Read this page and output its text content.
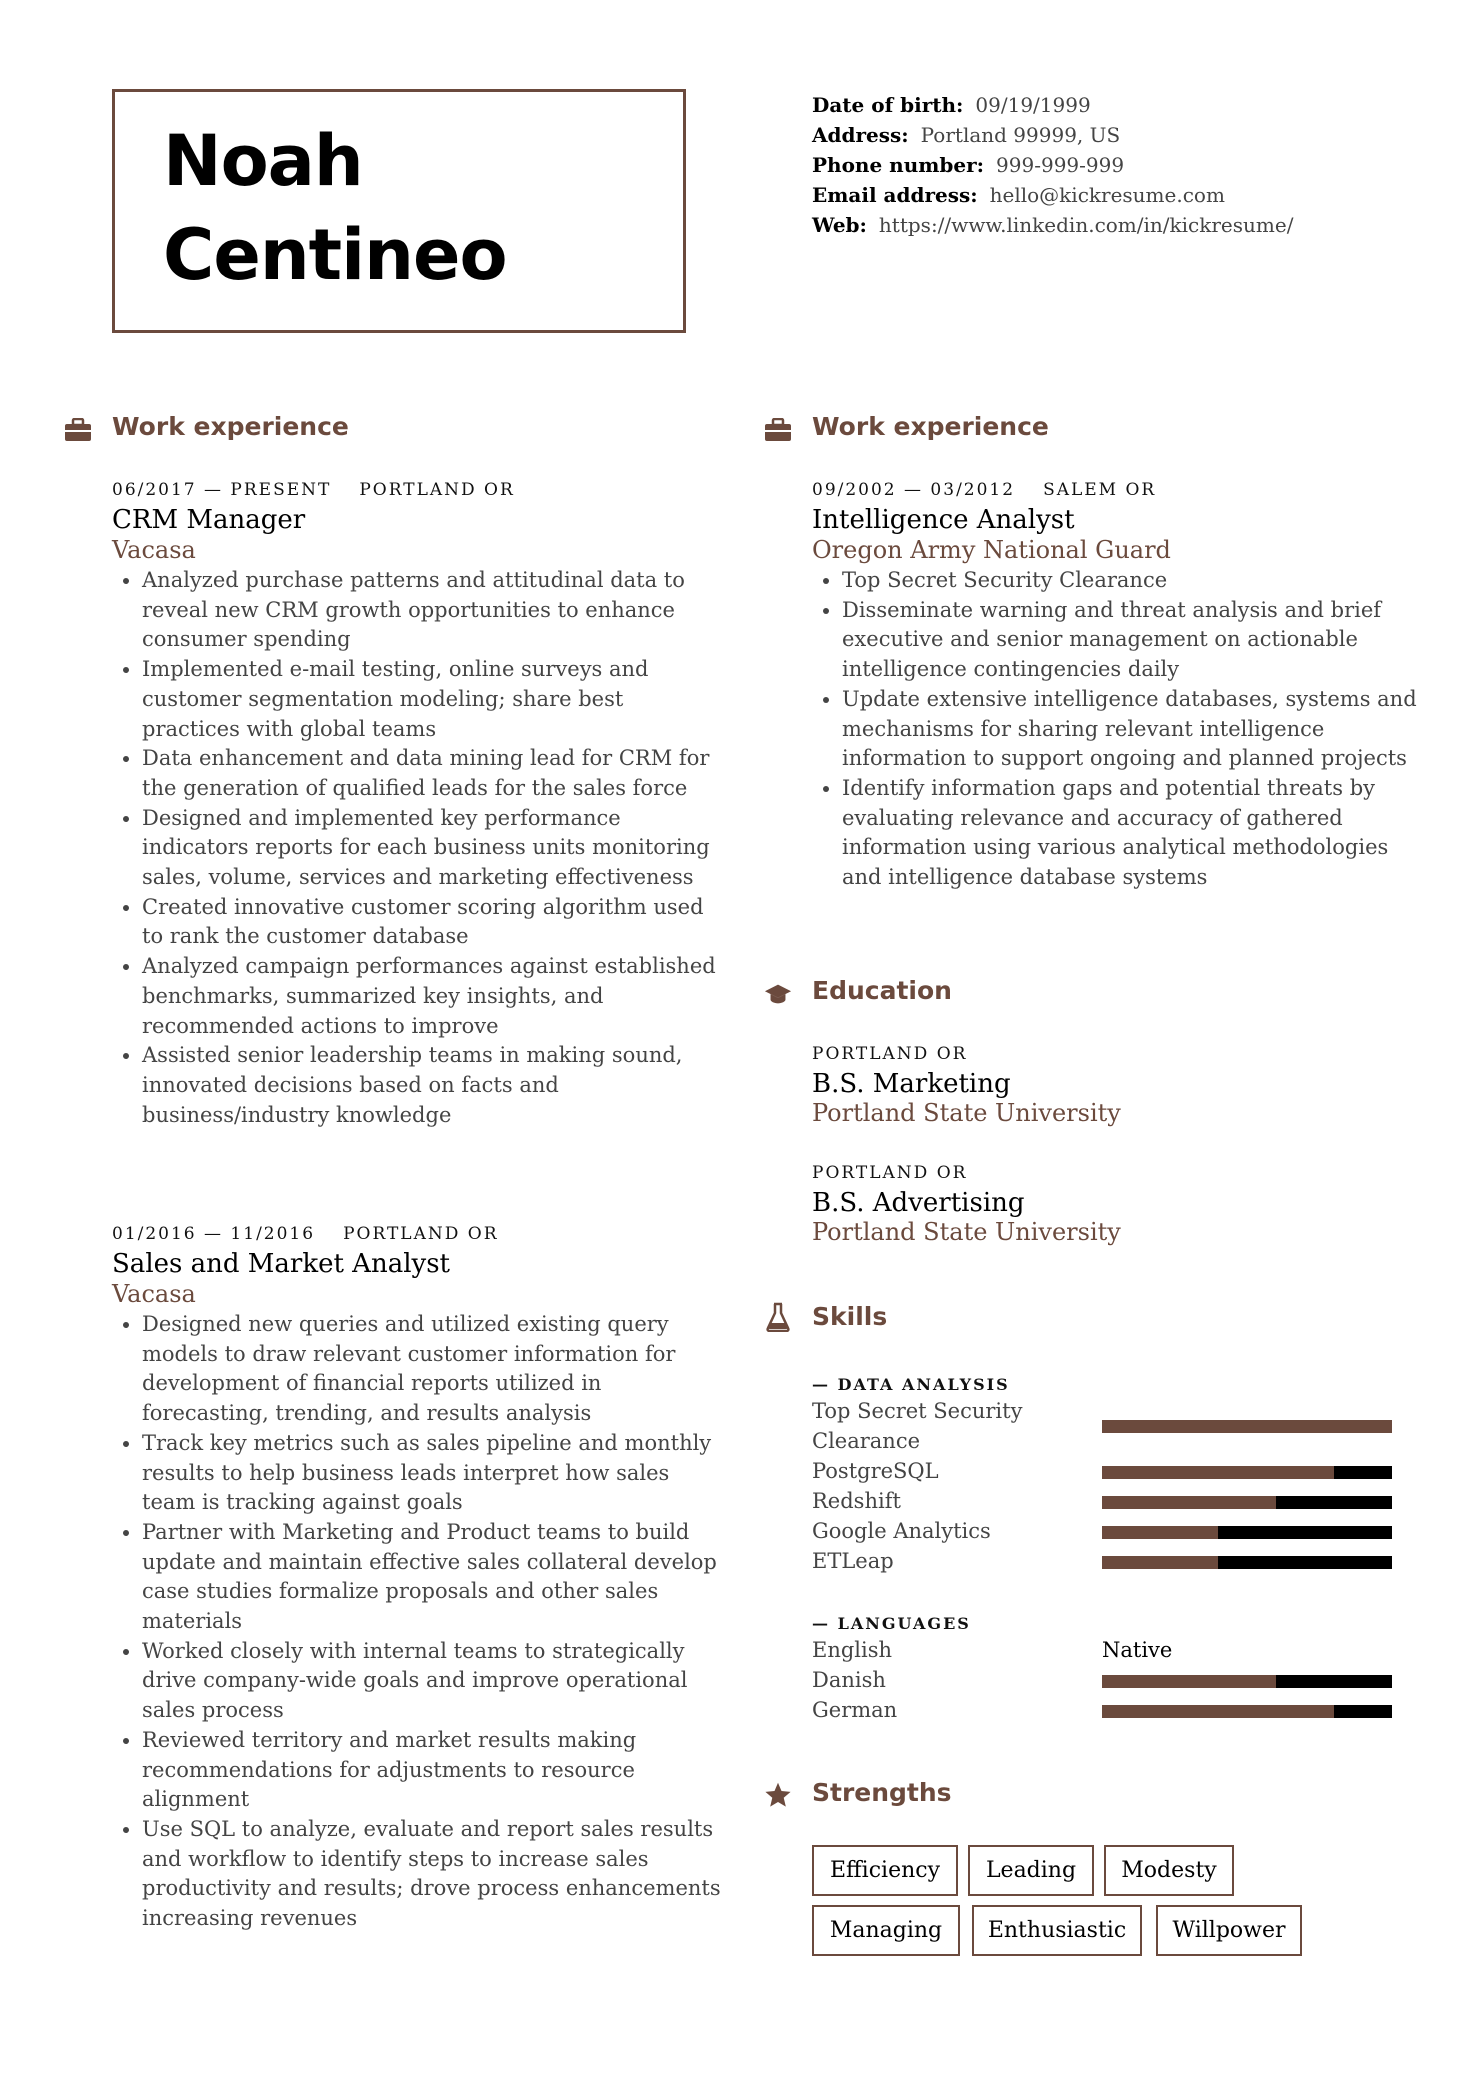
Noah
Centineo
Date of birth: 09/19/1999
Address: Portland 99999, US
Phone number: 999-999-999
Email address: hello@kickresume.com
Web: https://www.linkedin.com/in/kickresume/
Work experience
06/2017 — PRESENT PORTLAND OR
CRM Manager
Vacasa
• Analyzed purchase patterns and attitudinal data to reveal new CRM growth opportunities to enhance consumer spending
• Implemented e-mail testing, online surveys and customer segmentation modeling; share best practices with global teams
• Data enhancement and data mining lead for CRM for the generation of qualified leads for the sales force
• Designed and implemented key performance indicators reports for each business units monitoring sales, volume, services and marketing effectiveness
• Created innovative customer scoring algorithm used to rank the customer database
• Analyzed campaign performances against established benchmarks, summarized key insights, and recommended actions to improve
• Assisted senior leadership teams in making sound, innovated decisions based on facts and business/industry knowledge
01/2016 — 11/2016 PORTLAND OR
Sales and Market Analyst
Vacasa
• Designed new queries and utilized existing query models to draw relevant customer information for development of financial reports utilized in forecasting, trending, and results analysis
• Track key metrics such as sales pipeline and monthly results to help business leads interpret how sales team is tracking against goals
• Partner with Marketing and Product teams to build update and maintain effective sales collateral develop case studies formalize proposals and other sales materials
• Worked closely with internal teams to strategically drive company-wide goals and improve operational sales process
• Reviewed territory and market results making recommendations for adjustments to resource alignment
• Use SQL to analyze, evaluate and report sales results and workflow to identify steps to increase sales productivity and results; drove process enhancements increasing revenues
Work experience
09/2002 — 03/2012 SALEM OR
Intelligence Analyst
Oregon Army National Guard
• Top Secret Security Clearance
• Disseminate warning and threat analysis and brief executive and senior management on actionable intelligence contingencies daily
• Update extensive intelligence databases, systems and mechanisms for sharing relevant intelligence information to support ongoing and planned projects
• Identify information gaps and potential threats by evaluating relevance and accuracy of gathered information using various analytical methodologies and intelligence database systems
Education
PORTLAND OR
B.S. Marketing
Portland State University
PORTLAND OR
B.S. Advertising
Portland State University
Skills
— DATA ANALYSIS
Top Secret Security Clearance
PostgreSQL
Redshift
Google Analytics
ETLeap
— LANGUAGES
English	Native
Danish
German
Strengths
Efficiency	Leading	Modesty
Managing	Enthusiastic	Willpower
